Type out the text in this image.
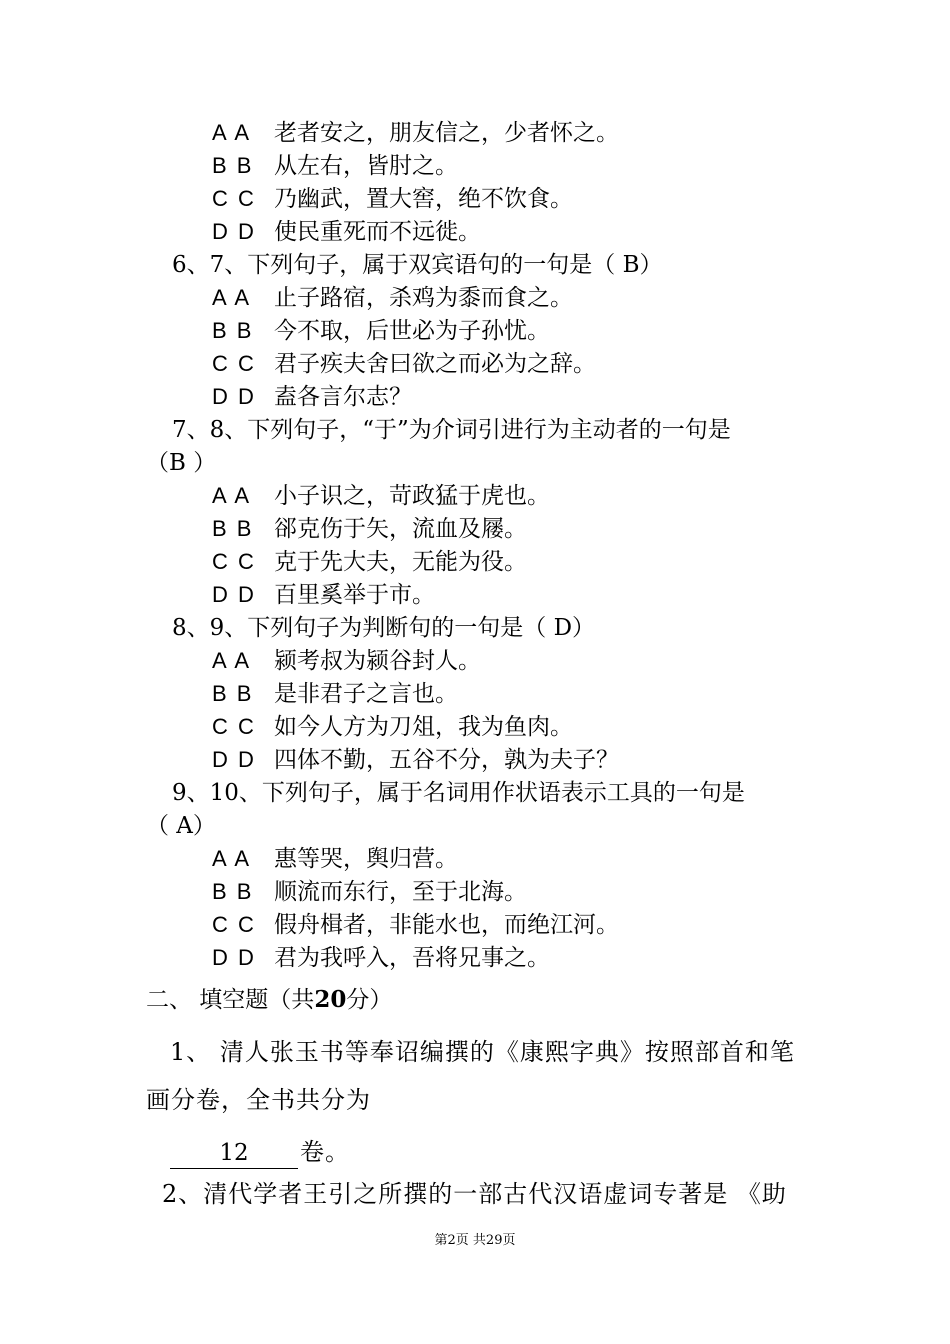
A A 老者安之，朋友信之，少者怀之。
B B 从左右，皆肘之。
C C 乃幽武，置大窖，绝不饮食。
D D 使民重死而不远徙。
6、7、下列句子，属于双宾语句的一句是（ B）
A A 止子路宿，杀鸡为黍而食之。
B B 今不取，后世必为子孙忧。
C C 君子疾夫舍曰欲之而必为之辞。
D D 盍各言尔志？
7、8、下列句子，“于”为介词引进行为主动者的一句是
（B ）
A A 小子识之，苛政猛于虎也。
B B 郤克伤于矢，流血及屦。
C C 克于先大夫，无能为役。
D D 百里奚举于市。
8、9、下列句子为判断句的一句是（ D）
A A 颍考叔为颍谷封人。
B B 是非君子之言也。
C C 如今人方为刀俎，我为鱼肉。
D D 四体不勤，五谷不分，孰为夫子？
9、10、下列句子，属于名词用作状语表示工具的一句是
（ A）
A A 惠等哭，舆归营。
B B 顺流而东行，至于北海。
C C 假舟楫者，非能水也，而绝江河。
D D 君为我呼入，吾将兄事之。
二、 填空题（共20分）
1、 清人张玉书等奉诏编撰的《康熙字典》按照部首和笔
画分卷，全书共分为
12	卷。
2、清代学者王引之所撰的一部古代汉语虚词专著是 《助
第2页 共29页
